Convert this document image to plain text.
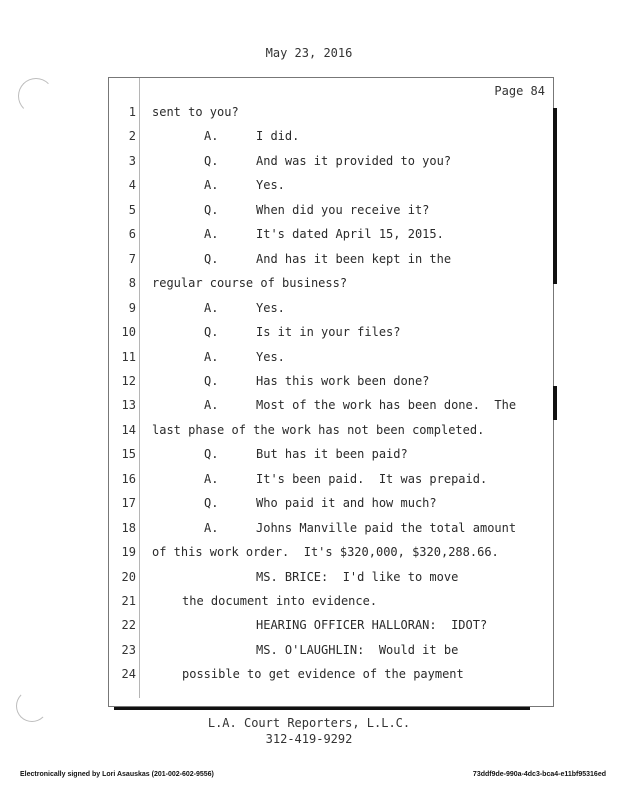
May 23, 2016
Page 84
1 sent to you?
2	A.	I did.
3	Q.	And was it provided to you?
4	A.	Yes.
5	Q.	When did you receive it?
6	A.	It's dated April 15, 2015.
7	Q.	And has it been kept in the
8 regular course of business?
9	A.	Yes.
10	Q.	Is it in your files?
11	A.	Yes.
12	Q.	Has this work been done?
13	A.	Most of the work has been done.  The
14 last phase of the work has not been completed.
15	Q.	But has it been paid?
16	A.	It's been paid.  It was prepaid.
17	Q.	Who paid it and how much?
18	A.	Johns Manville paid the total amount
19 of this work order.  It's $320,000, $320,288.66.
20	MS. BRICE:  I'd like to move
21	the document into evidence.
22	HEARING OFFICER HALLORAN:  IDOT?
23	MS. O'LAUGHLIN:  Would it be
24	possible to get evidence of the payment
L.A. Court Reporters, L.L.C.
312-419-9292
Electronically signed by Lori Asauskas (201-002-602-9556)	73ddf9de-990a-4dc3-bca4-e11bf95316ed
